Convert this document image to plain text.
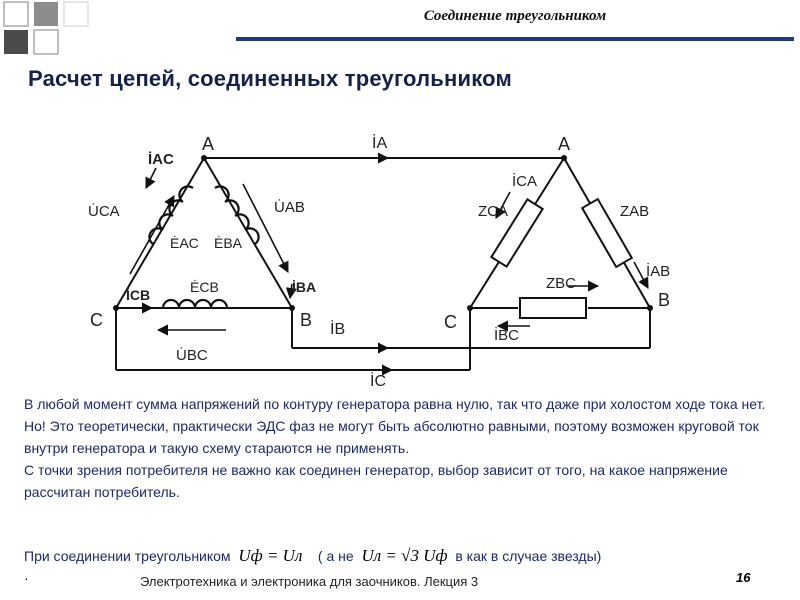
Соединение треугольником
Расчет цепей, соединенных треугольником
A
C	B
A
C
B
İAC
U̇CA
ĖAC ĖBA
U̇AB
İBA
İCB	ĖCB
U̇BC
İA
İB
İC
İCA
ZCA	ZAB
ZBC
İAB
İBC

В любой момент сумма напряжений по контуру генератора равна нулю, так что даже при холостом ходе тока нет. Но! Это теоретически, практически ЭДС фаз не могут быть абсолютно равными, поэтому возможен круговой ток внутри генератора и такую схему стараются не применять.

С точки зрения потребителя не важно как соединен генератор, выбор зависит от того, на какое напряжение рассчитан потребитель.

При соединении треугольником Uф = Uл ( а не Uл = √3 Uф в как в случае звезды)
·	Электротехника и электроника для заочников. Лекция 3	16
